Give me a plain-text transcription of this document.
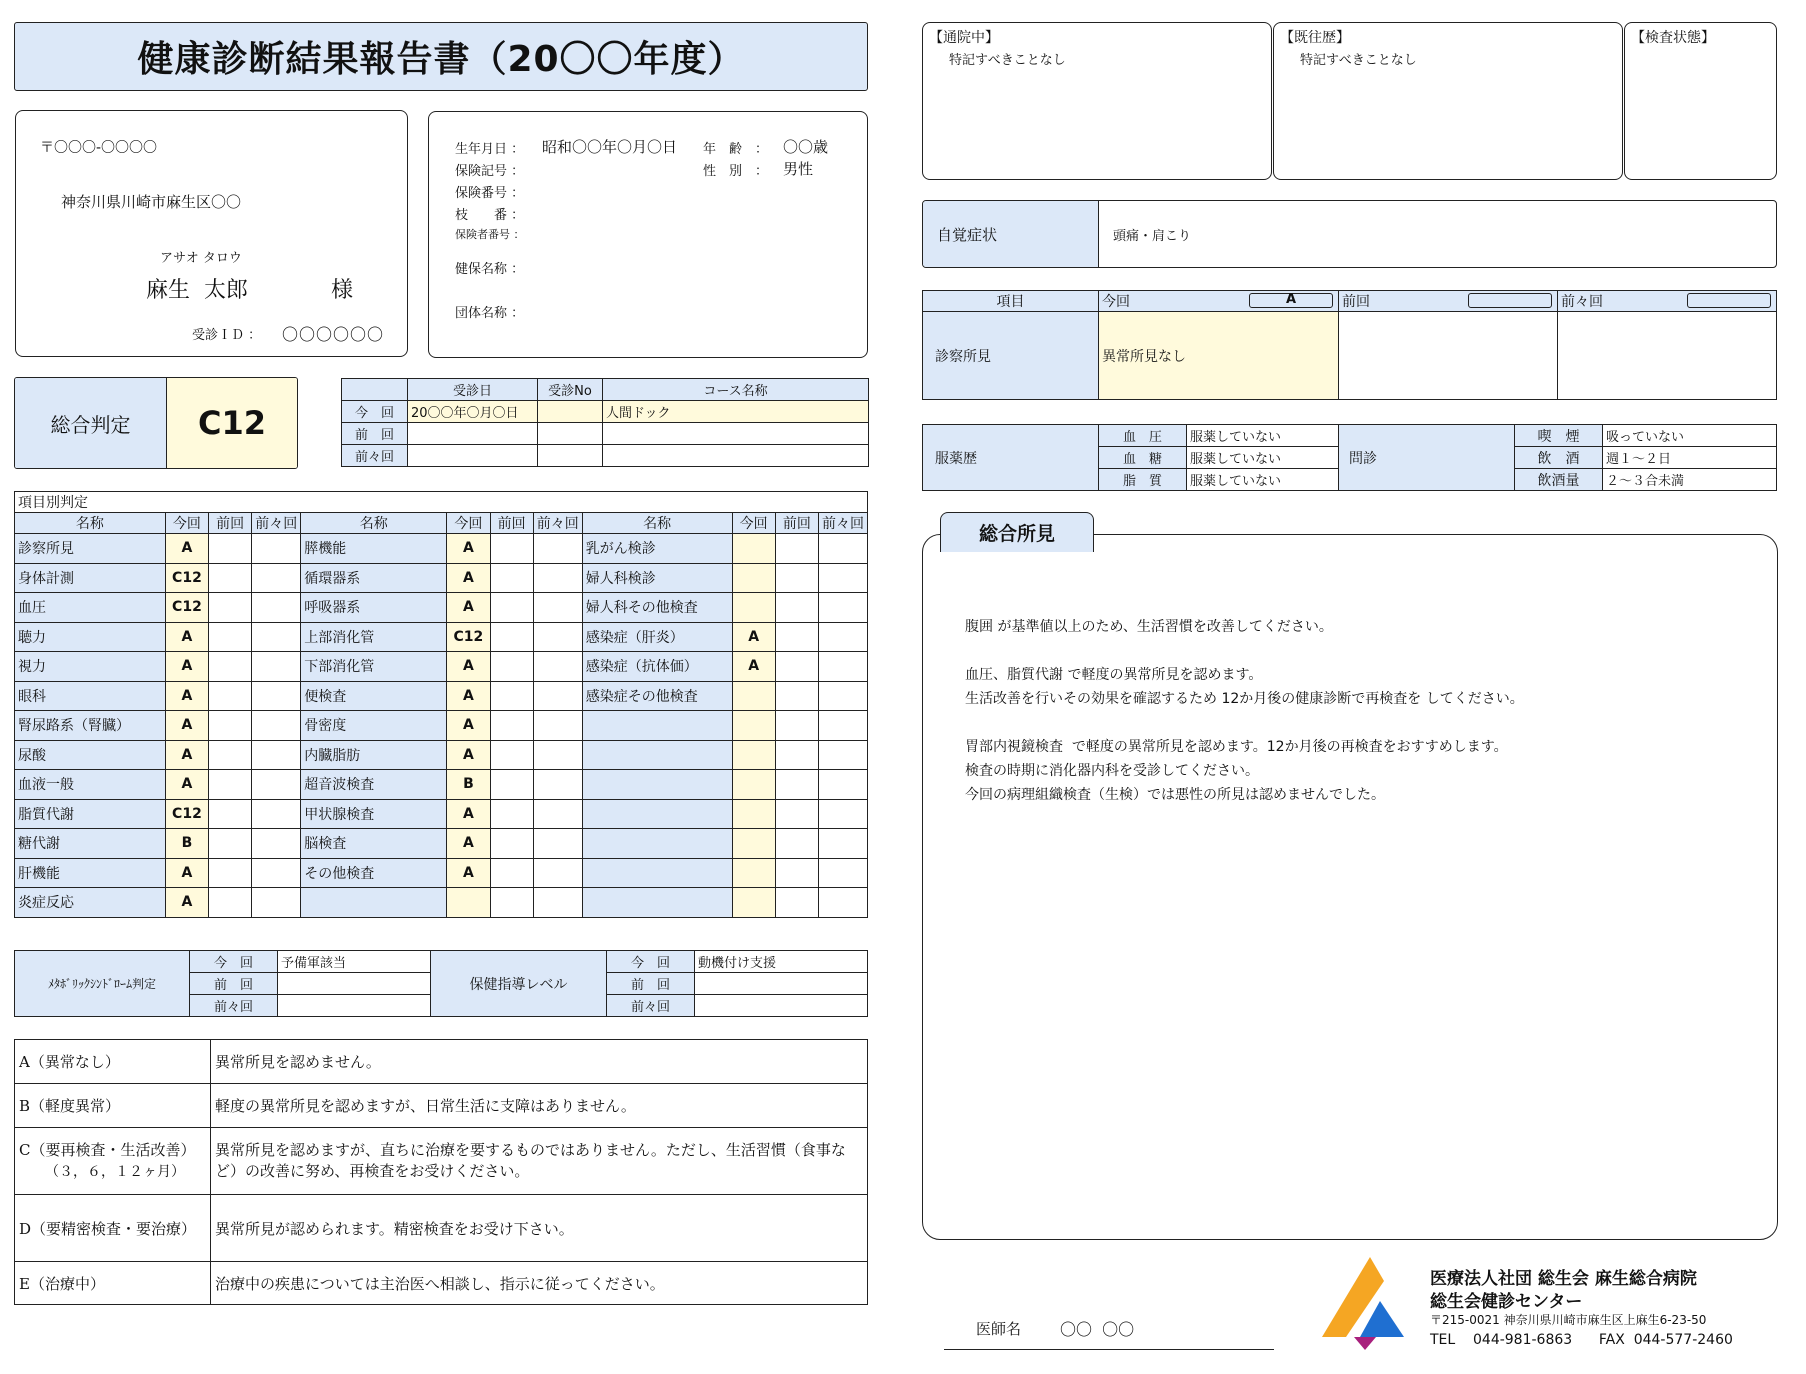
健康診断結果報告書（20〇〇年度）
〒〇〇〇-〇〇〇〇
神奈川県川崎市麻生区〇〇
アサオ タロウ
麻生  太郎	様
受診ＩＤ ： 〇〇〇〇〇〇
生年月日 ： 昭和〇〇年〇月〇日 年　齢　： 〇〇歳
保険記号 ：	性　別　： 男性
保険番号 ：
枝　　番 ：
保険者番号 ：
健保名称 ：
団体名称 ：
総合判定	C12
	受診日	受診No	コース名称
今　回	20〇〇年〇月〇日		人間ドック
前　回			
前々回			
項目別判定											
名称	今回	前回	前々回	名称	今回	前回	前々回	名称	今回	前回	前々回
診察所見	A			膵機能	A			乳がん検診			
身体計測	C12			循環器系	A			婦人科検診			
血圧	C12			呼吸器系	A			婦人科その他検査			
聴力	A			上部消化管	C12			感染症（肝炎）	A		
視力	A			下部消化管	A			感染症（抗体価）	A		
眼科	A			便検査	A			感染症その他検査			
腎尿路系（腎臓）	A			骨密度	A						
尿酸	A			内臓脂肪	A						
血液一般	A			超音波検査	B						
脂質代謝	C12			甲状腺検査	A						
糖代謝	B			脳検査	A						
肝機能	A			その他検査	A						
炎症反応	A										
ﾒﾀﾎﾞﾘｯｸｼﾝﾄﾞﾛｰﾑ判定	今　回	予備軍該当	保健指導レベル	今　回	動機付け支援
	前　回			前　回	
	前々回			前々回	
A（異常なし）	異常所見を認めません。
B（軽度異常）	軽度の異常所見を認めますが、日常生活に支障はありません。
C（要再検査・生活改善）
（３，６，１２ヶ月）	異常所見を認めますが、直ちに治療を要するものではありません。ただし、生活習慣（食事など）の改善に努め、再検査をお受けください。
D（要精密検査・要治療）	異常所見が認められます。精密検査をお受け下さい。
E（治療中）	治療中の疾患については主治医へ相談し、指示に従ってください。
【通院中】
特記すべきことなし
【既往歴】
特記すべきことなし
【検査状態】
自覚症状	頭痛・肩こり
項目	今回 A	前回	前々回

診察所見	異常所見なし		
服薬歴	血　圧	服薬していない	問診	喫　煙	吸っていない
	血　糖	服薬していない		飲　酒	週１～２日
	脂　質	服薬していない		飲酒量	２～３合未満
総合所見

腹囲 が基準値以上のため、生活習慣を改善してください。

血圧、脂質代謝 で軽度の異常所見を認めます。

生活改善を行いその効果を確認するため 12か月後の健康診断で再検査を してください。

胃部内視鏡検査  で軽度の異常所見を認めます。12か月後の再検査をおすすめします。

検査の時期に消化器内科を受診してください。

今回の病理組織検査（生検）では悪性の所見は認めませんでした。

医師名 〇〇  〇〇
医療法人社団 総生会 麻生総合病院
総生会健診センター
〒215-0021 神奈川県川崎市麻生区上麻生6-23-50
TEL    044-981-6863      FAX  044-577-2460
